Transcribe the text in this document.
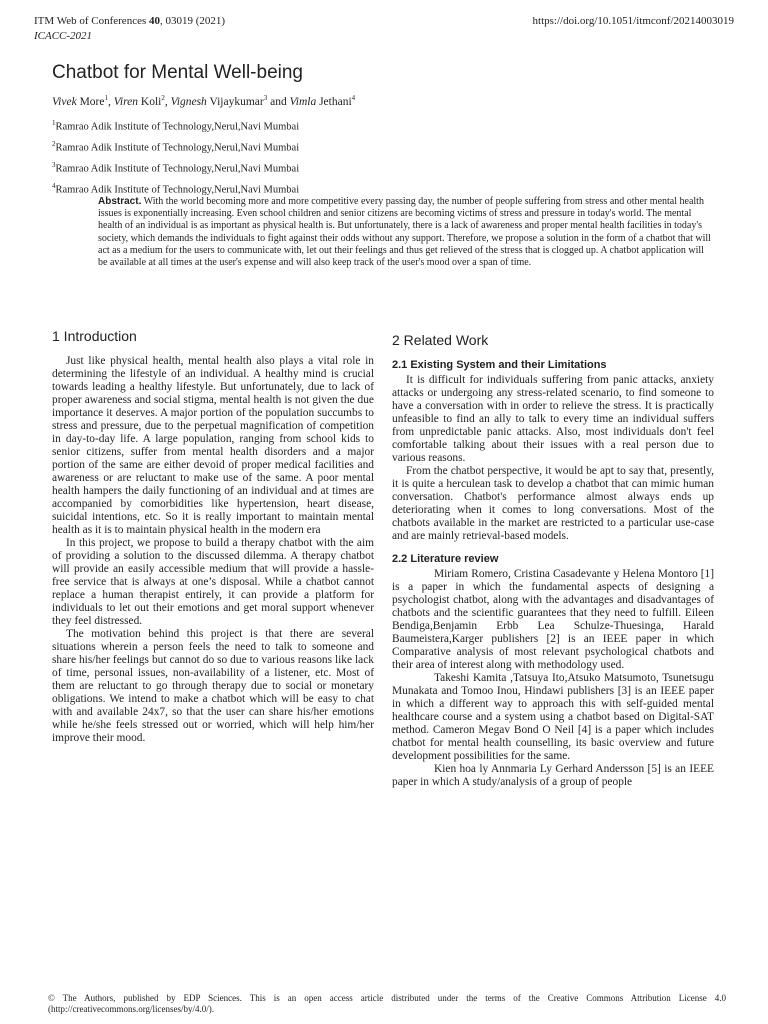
ITM Web of Conferences 40, 03019 (2021)
ICACC-2021
https://doi.org/10.1051/itmconf/20214003019
Chatbot for Mental Well-being
Vivek More$^1$, Viren Koli$^2$, Vignesh Vijaykumar$^3$ and Vimla Jethani$^4$
$^1$Ramrao Adik Institute of Technology,Nerul,Navi Mumbai
$^2$Ramrao Adik Institute of Technology,Nerul,Navi Mumbai
$^3$Ramrao Adik Institute of Technology,Nerul,Navi Mumbai
$^4$Ramrao Adik Institute of Technology,Nerul,Navi Mumbai
Abstract. With the world becoming more and more competitive every passing day, the number of people suffering from stress and other mental health issues is exponentially increasing. Even school children and senior citizens are becoming victims of stress and pressure in today's world. The mental health of an individual is as important as physical health is. But unfortunately, there is a lack of awareness and proper mental health facilities in today's society, which demands the individuals to fight against their odds without any support. Therefore, we propose a solution in the form of a chatbot that will act as a medium for the users to communicate with, let out their feelings and thus get relieved of the stress that is clogged up. A chatbot application will be available at all times at the user's expense and will also keep track of the user's mood over a span of time.
1 Introduction

Just like physical health, mental health also plays a vital role in determining the lifestyle of an individual. A healthy mind is crucial towards leading a healthy lifestyle. But unfortunately, due to lack of proper awareness and social stigma, mental health is not given the due importance it deserves. A major portion of the population succumbs to stress and pressure, due to the perpetual magnification of competition in day-to-day life. A large population, ranging from school kids to senior citizens, suffer from mental health disorders and a major portion of the same are either devoid of proper medical facilities and awareness or are reluctant to make use of the same. A poor mental health hampers the daily functioning of an individual and at times are accompanied by comorbidities like hypertension, heart disease, suicidal intentions, etc. So it is really important to maintain mental health as it is to maintain physical health in the modern era

In this project, we propose to build a therapy chatbot with the aim of providing a solution to the discussed dilemma. A therapy chatbot will provide an easily accessible medium that will provide a hassle-free service that is always at one’s disposal. While a chatbot cannot replace a human therapist entirely, it can provide a platform for individuals to let out their emotions and get moral support whenever they feel distressed.

The motivation behind this project is that there are several situations wherein a person feels the need to talk to someone and share his/her feelings but cannot do so due to various reasons like lack of time, personal issues, non-availability of a listener, etc. Most of them are reluctant to go through therapy due to social or monetary obligations. We intend to make a chatbot which will be easy to chat with and available 24x7, so that the user can share his/her emotions while he/she feels stressed out or worried, which will help him/her improve their mood.

2 Related Work
2.1 Existing System and their Limitations

It is difficult for individuals suffering from panic attacks, anxiety attacks or undergoing any stress-related scenario, to find someone to have a conversation with in order to relieve the stress. It is practically unfeasible to find an ally to talk to every time an individual suffers from unpredictable panic attacks. Also, most individuals don't feel comfortable talking about their issues with a real person due to various reasons.

From the chatbot perspective, it would be apt to say that, presently, it is quite a herculean task to develop a chatbot that can mimic human conversation. Chatbot's performance almost always ends up deteriorating when it comes to long conversations. Most of the chatbots available in the market are restricted to a particular use-case and are mainly retrieval-based models.

2.2 Literature review

Miriam Romero, Cristina Casadevante y Helena Montoro [1] is a paper in which the fundamental aspects of designing a psychologist chatbot, along with the advantages and disadvantages of chatbots and the scientific guarantees that they need to fulfill. Eileen Bendiga,Benjamin Erbb Lea Schulze-Thuesinga, Harald Baumeistera,Karger publishers [2] is an IEEE paper in which Comparative analysis of most relevant psychological chatbots and their area of interest along with methodology used.

Takeshi Kamita ,Tatsuya Ito,Atsuko Matsumoto, Tsunetsugu Munakata and Tomoo Inou, Hindawi publishers [3] is an IEEE paper in which a different way to approach this with self-guided mental healthcare course and a system using a chatbot based on Digital-SAT method. Cameron Megav Bond O Neil [4] is a paper which includes chatbot for mental health counselling, its basic overview and future development possibilities for the same.

Kien hoa ly Annmaria Ly Gerhard Andersson [5] is an IEEE paper in which A study/analysis of a group of people

© The Authors, published by EDP Sciences. This is an open access article distributed under the terms of the Creative Commons Attribution License 4.0 (http://creativecommons.org/licenses/by/4.0/).
